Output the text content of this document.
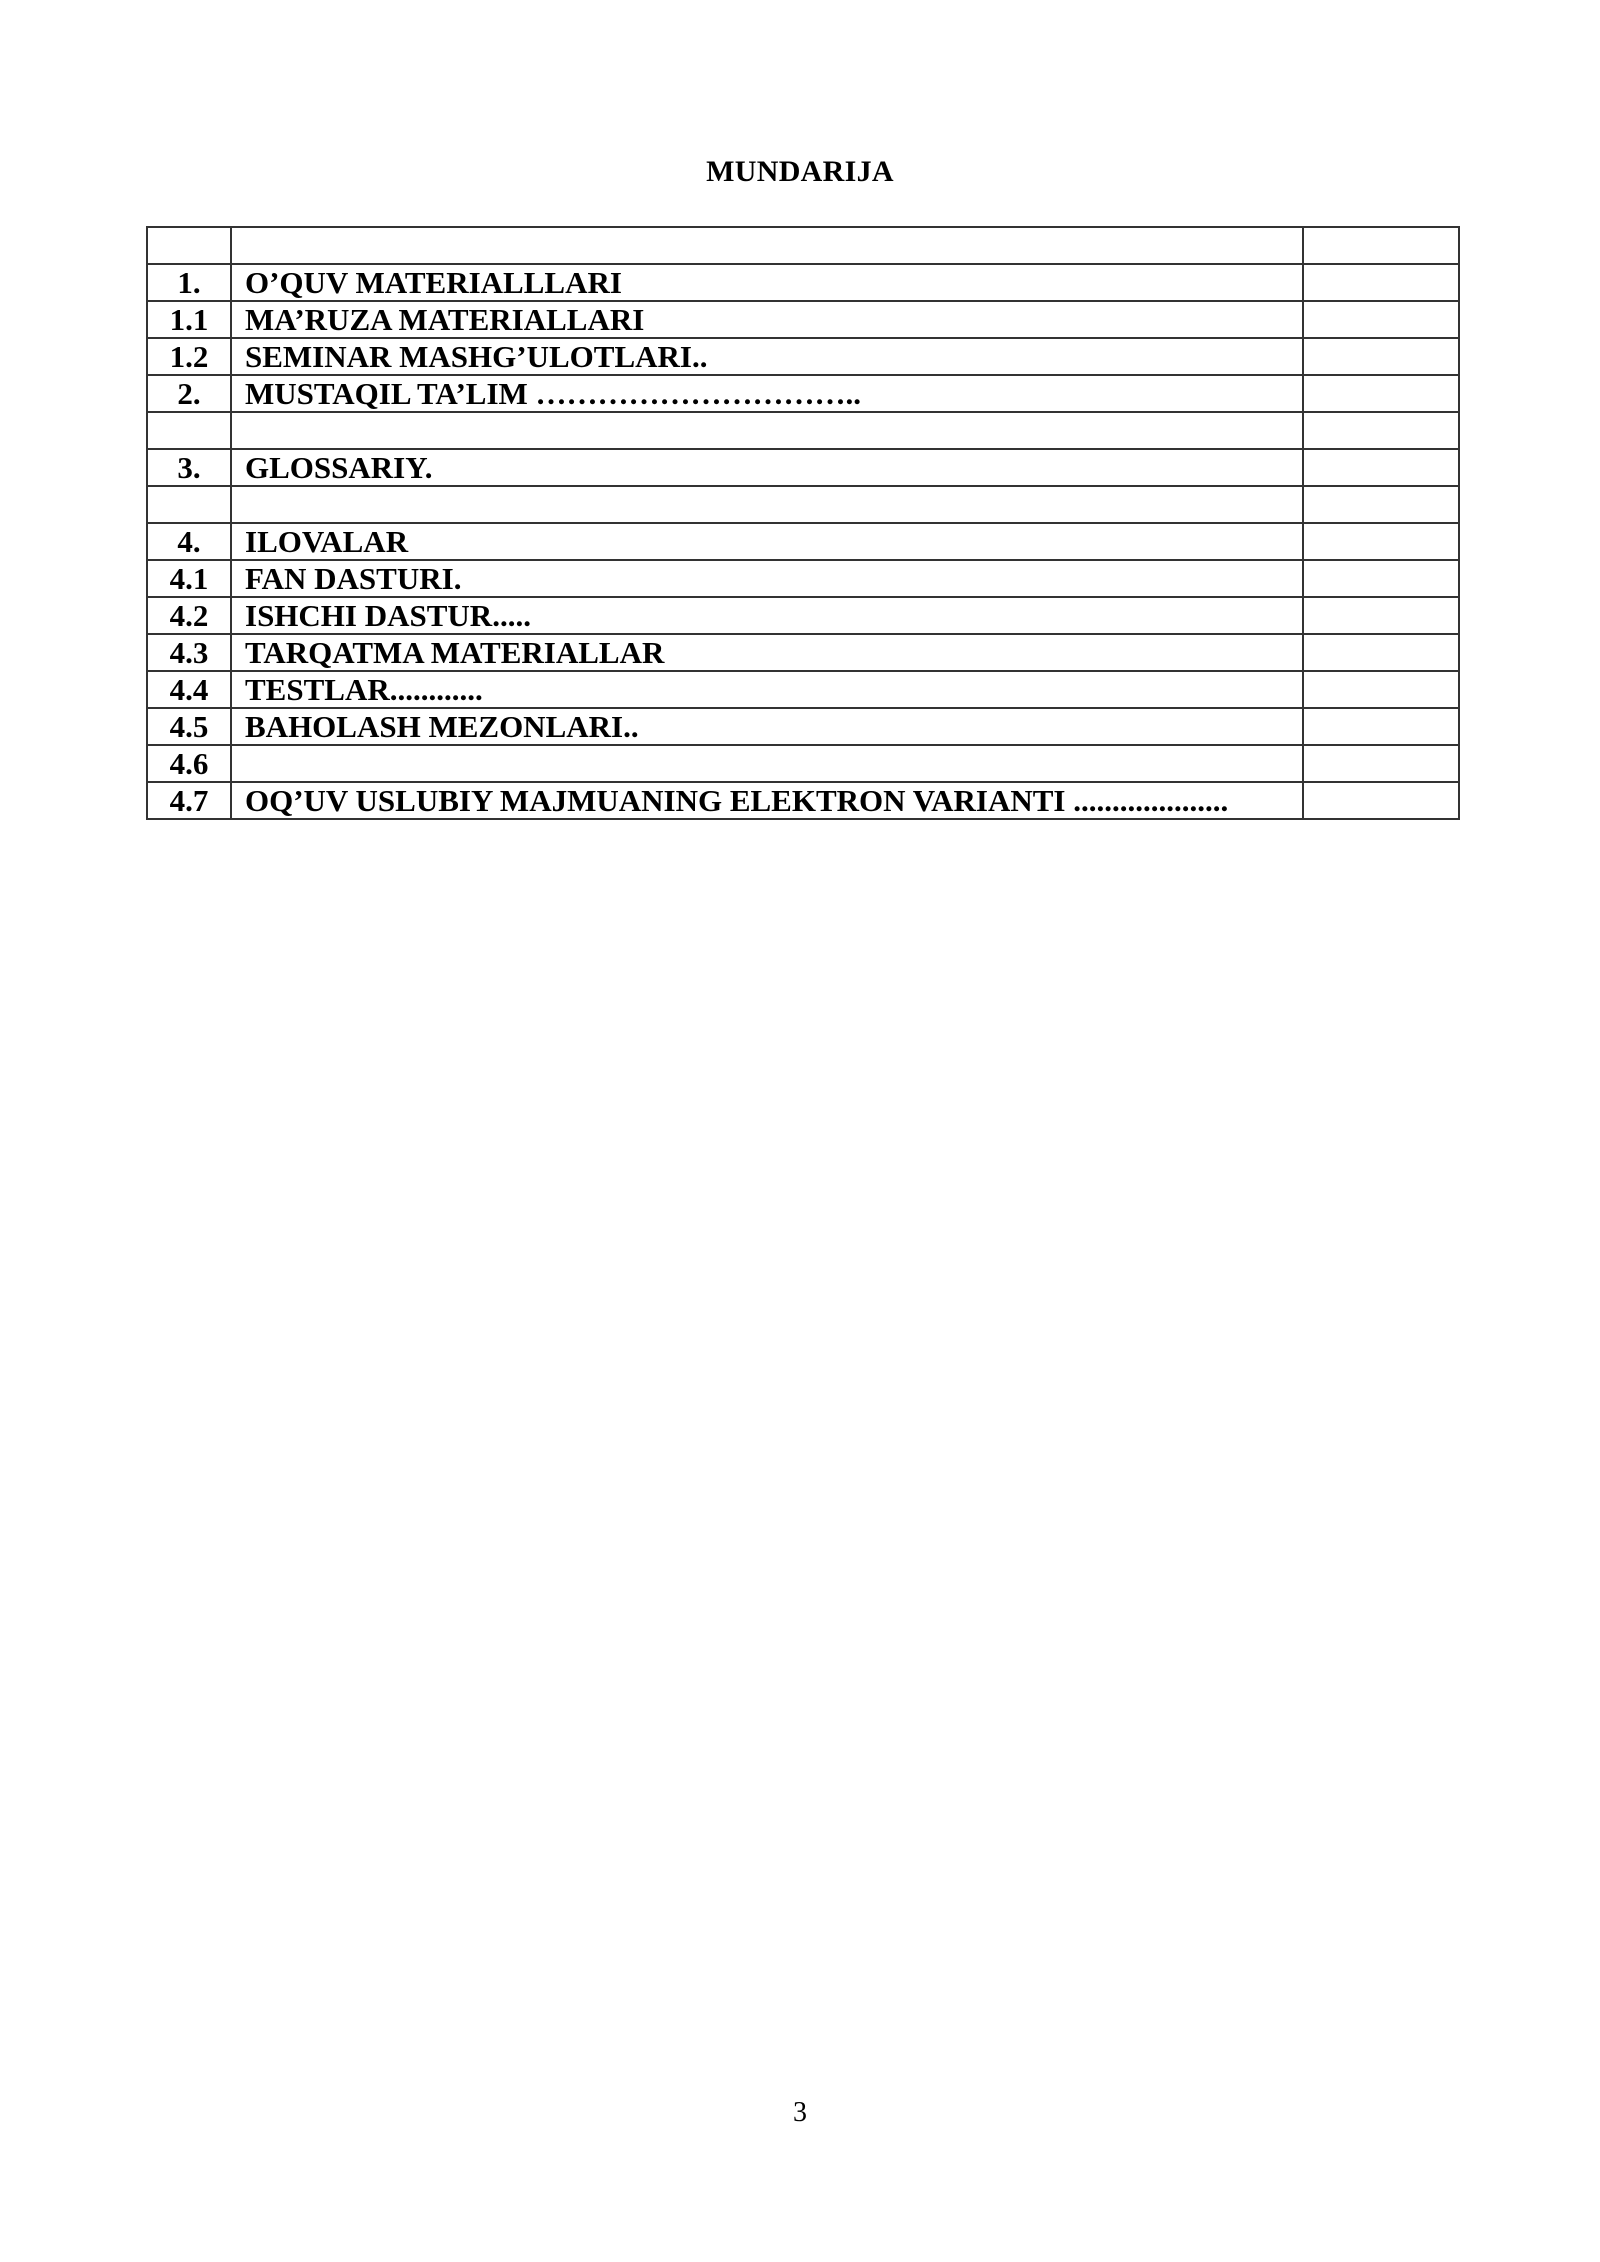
MUNDARIJA

1.	O’QUV MATERIALLLARI	
1.1	MA’RUZA MATERIALLARI	
1.2	SEMINAR MASHG’ULOTLARI..	
2.	MUSTAQIL TA’LIM …………………………..	

3.	GLOSSARIY.	

4.	ILOVALAR	
4.1	FAN DASTURI.	
4.2	ISHCHI DASTUR.....	
4.3	TARQATMA MATERIALLAR	
4.4	TESTLAR............	
4.5	BAHOLASH MEZONLARI..	
4.6		
4.7	OQ’UV USLUBIY MAJMUANING ELEKTRON VARIANTI ....................	
3
